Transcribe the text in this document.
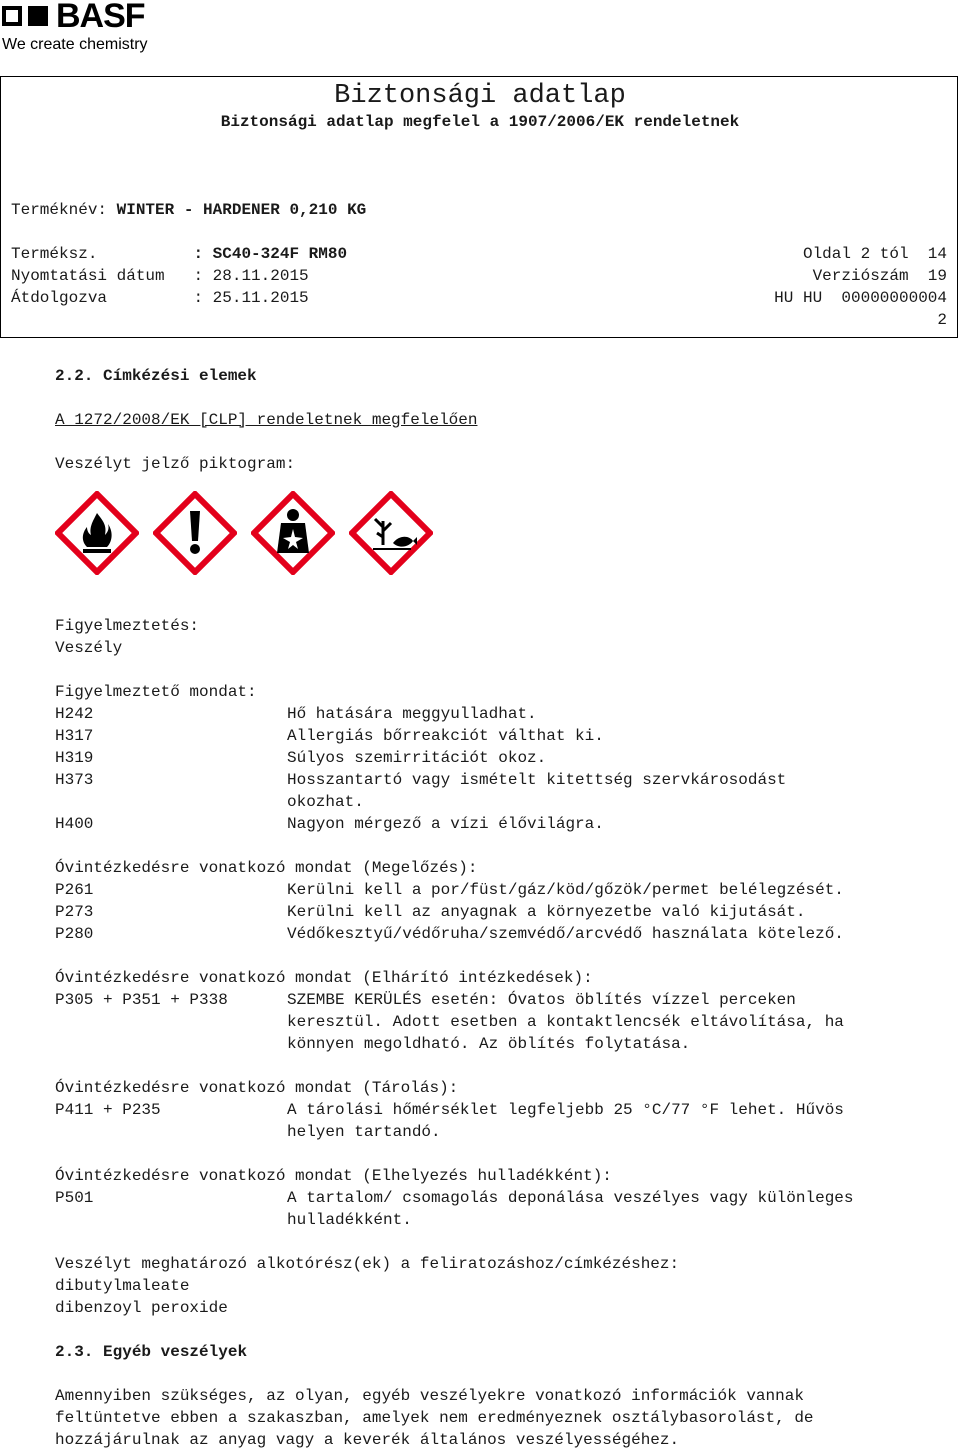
BASF
We create chemistry
Biztonsági adatlap
Biztonsági adatlap megfelel a 1907/2006/EK rendeletnek
Terméknév: WINTER - HARDENER 0,210 KG
Terméksz.          : SC40-324F RM80	Oldal 2 tól  14
Nyomtatási dátum   : 28.11.2015	Verziószám  19
Átdolgozva         : 25.11.2015	HU HU  00000000004
2
2.2. Címkézési elemek
A 1272/2008/EK [CLP] rendeletnek megfelelően
Veszélyt jelző piktogram:
Figyelmeztetés:
Veszély
Figyelmeztető mondat:
H242	Hő hatására meggyulladhat.
H317	Allergiás bőrreakciót válthat ki.
H319	Súlyos szemirritációt okoz.
H373	Hosszantartó vagy ismételt kitettség szervkárosodást
okozhat.
H400	Nagyon mérgező a vízi élővilágra.
Óvintézkedésre vonatkozó mondat (Megelőzés):
P261	Kerülni kell a por/füst/gáz/köd/gőzök/permet belélegzését.
P273	Kerülni kell az anyagnak a környezetbe való kijutását.
P280	Védőkesztyű/védőruha/szemvédő/arcvédő használata kötelező.
Óvintézkedésre vonatkozó mondat (Elhárító intézkedések):
P305 + P351 + P338	SZEMBE KERÜLÉS esetén: Óvatos öblítés vízzel perceken
keresztül. Adott esetben a kontaktlencsék eltávolítása, ha
könnyen megoldható. Az öblítés folytatása.
Óvintézkedésre vonatkozó mondat (Tárolás):
P411 + P235	A tárolási hőmérséklet legfeljebb 25 °C/77 °F lehet. Hűvös
helyen tartandó.
Óvintézkedésre vonatkozó mondat (Elhelyezés hulladékként):
P501	A tartalom/ csomagolás deponálása veszélyes vagy különleges
hulladékként.
Veszélyt meghatározó alkotórész(ek) a feliratozáshoz/címkézéshez:
dibutylmaleate
dibenzoyl peroxide
2.3. Egyéb veszélyek
Amennyiben szükséges, az olyan, egyéb veszélyekre vonatkozó információk vannak
feltüntetve ebben a szakaszban, amelyek nem eredményeznek osztálybasorolást, de
hozzájárulnak az anyag vagy a keverék általános veszélyességéhez.
